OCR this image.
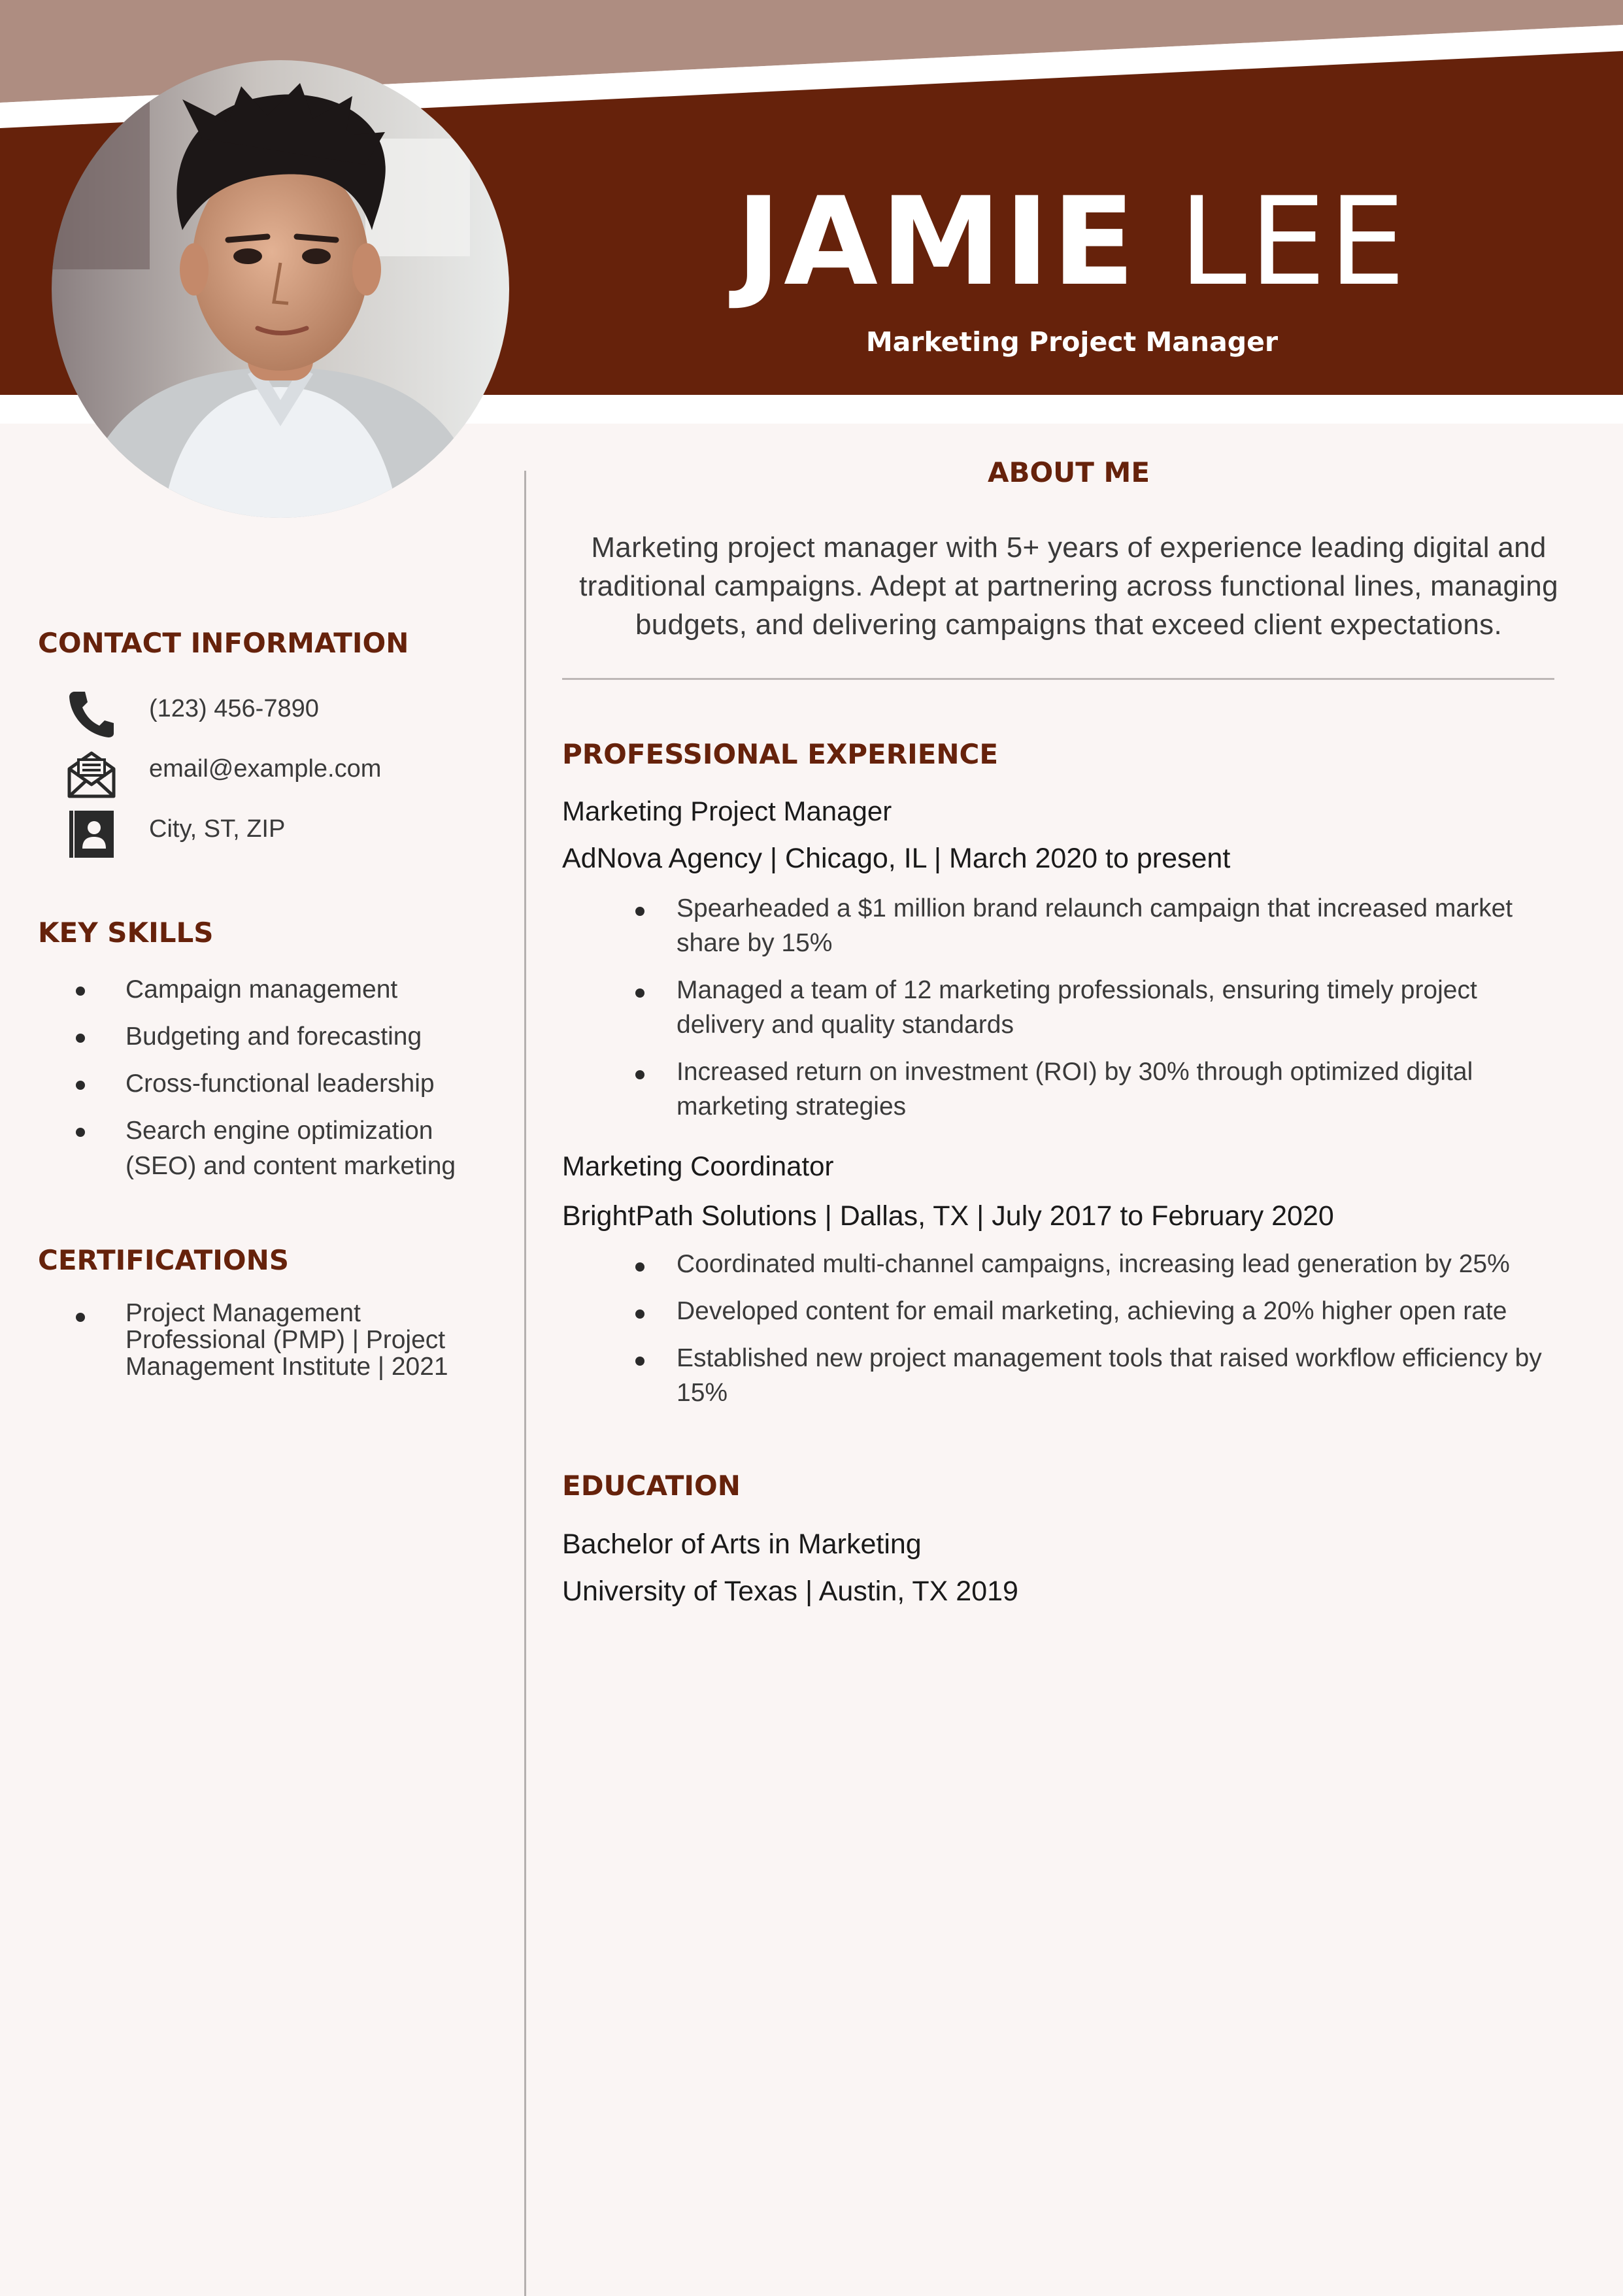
JAMIE LEE
Marketing Project Manager
CONTACT INFORMATION
(123) 456-7890
email@example.com
City, ST, ZIP
KEY SKILLS
Campaign management
Budgeting and forecasting
Cross-functional leadership
Search engine optimization (SEO) and content marketing
CERTIFICATIONS
Project Management Professional (PMP) | Project Management Institute | 2021
ABOUT ME
Marketing project manager with 5+ years of experience leading digital and traditional campaigns. Adept at partnering across functional lines, managing budgets, and delivering campaigns that exceed client expectations.
PROFESSIONAL EXPERIENCE
Marketing Project Manager
AdNova Agency | Chicago, IL | March 2020 to present
Spearheaded a $1 million brand relaunch campaign that increased market share by 15%
Managed a team of 12 marketing professionals, ensuring timely project delivery and quality standards
Increased return on investment (ROI) by 30% through optimized digital marketing strategies
Marketing Coordinator
BrightPath Solutions | Dallas, TX | July 2017 to February 2020
Coordinated multi-channel campaigns, increasing lead generation by 25%
Developed content for email marketing, achieving a 20% higher open rate
Established new project management tools that raised workflow efficiency by 15%
EDUCATION
Bachelor of Arts in Marketing
University of Texas | Austin, TX 2019
